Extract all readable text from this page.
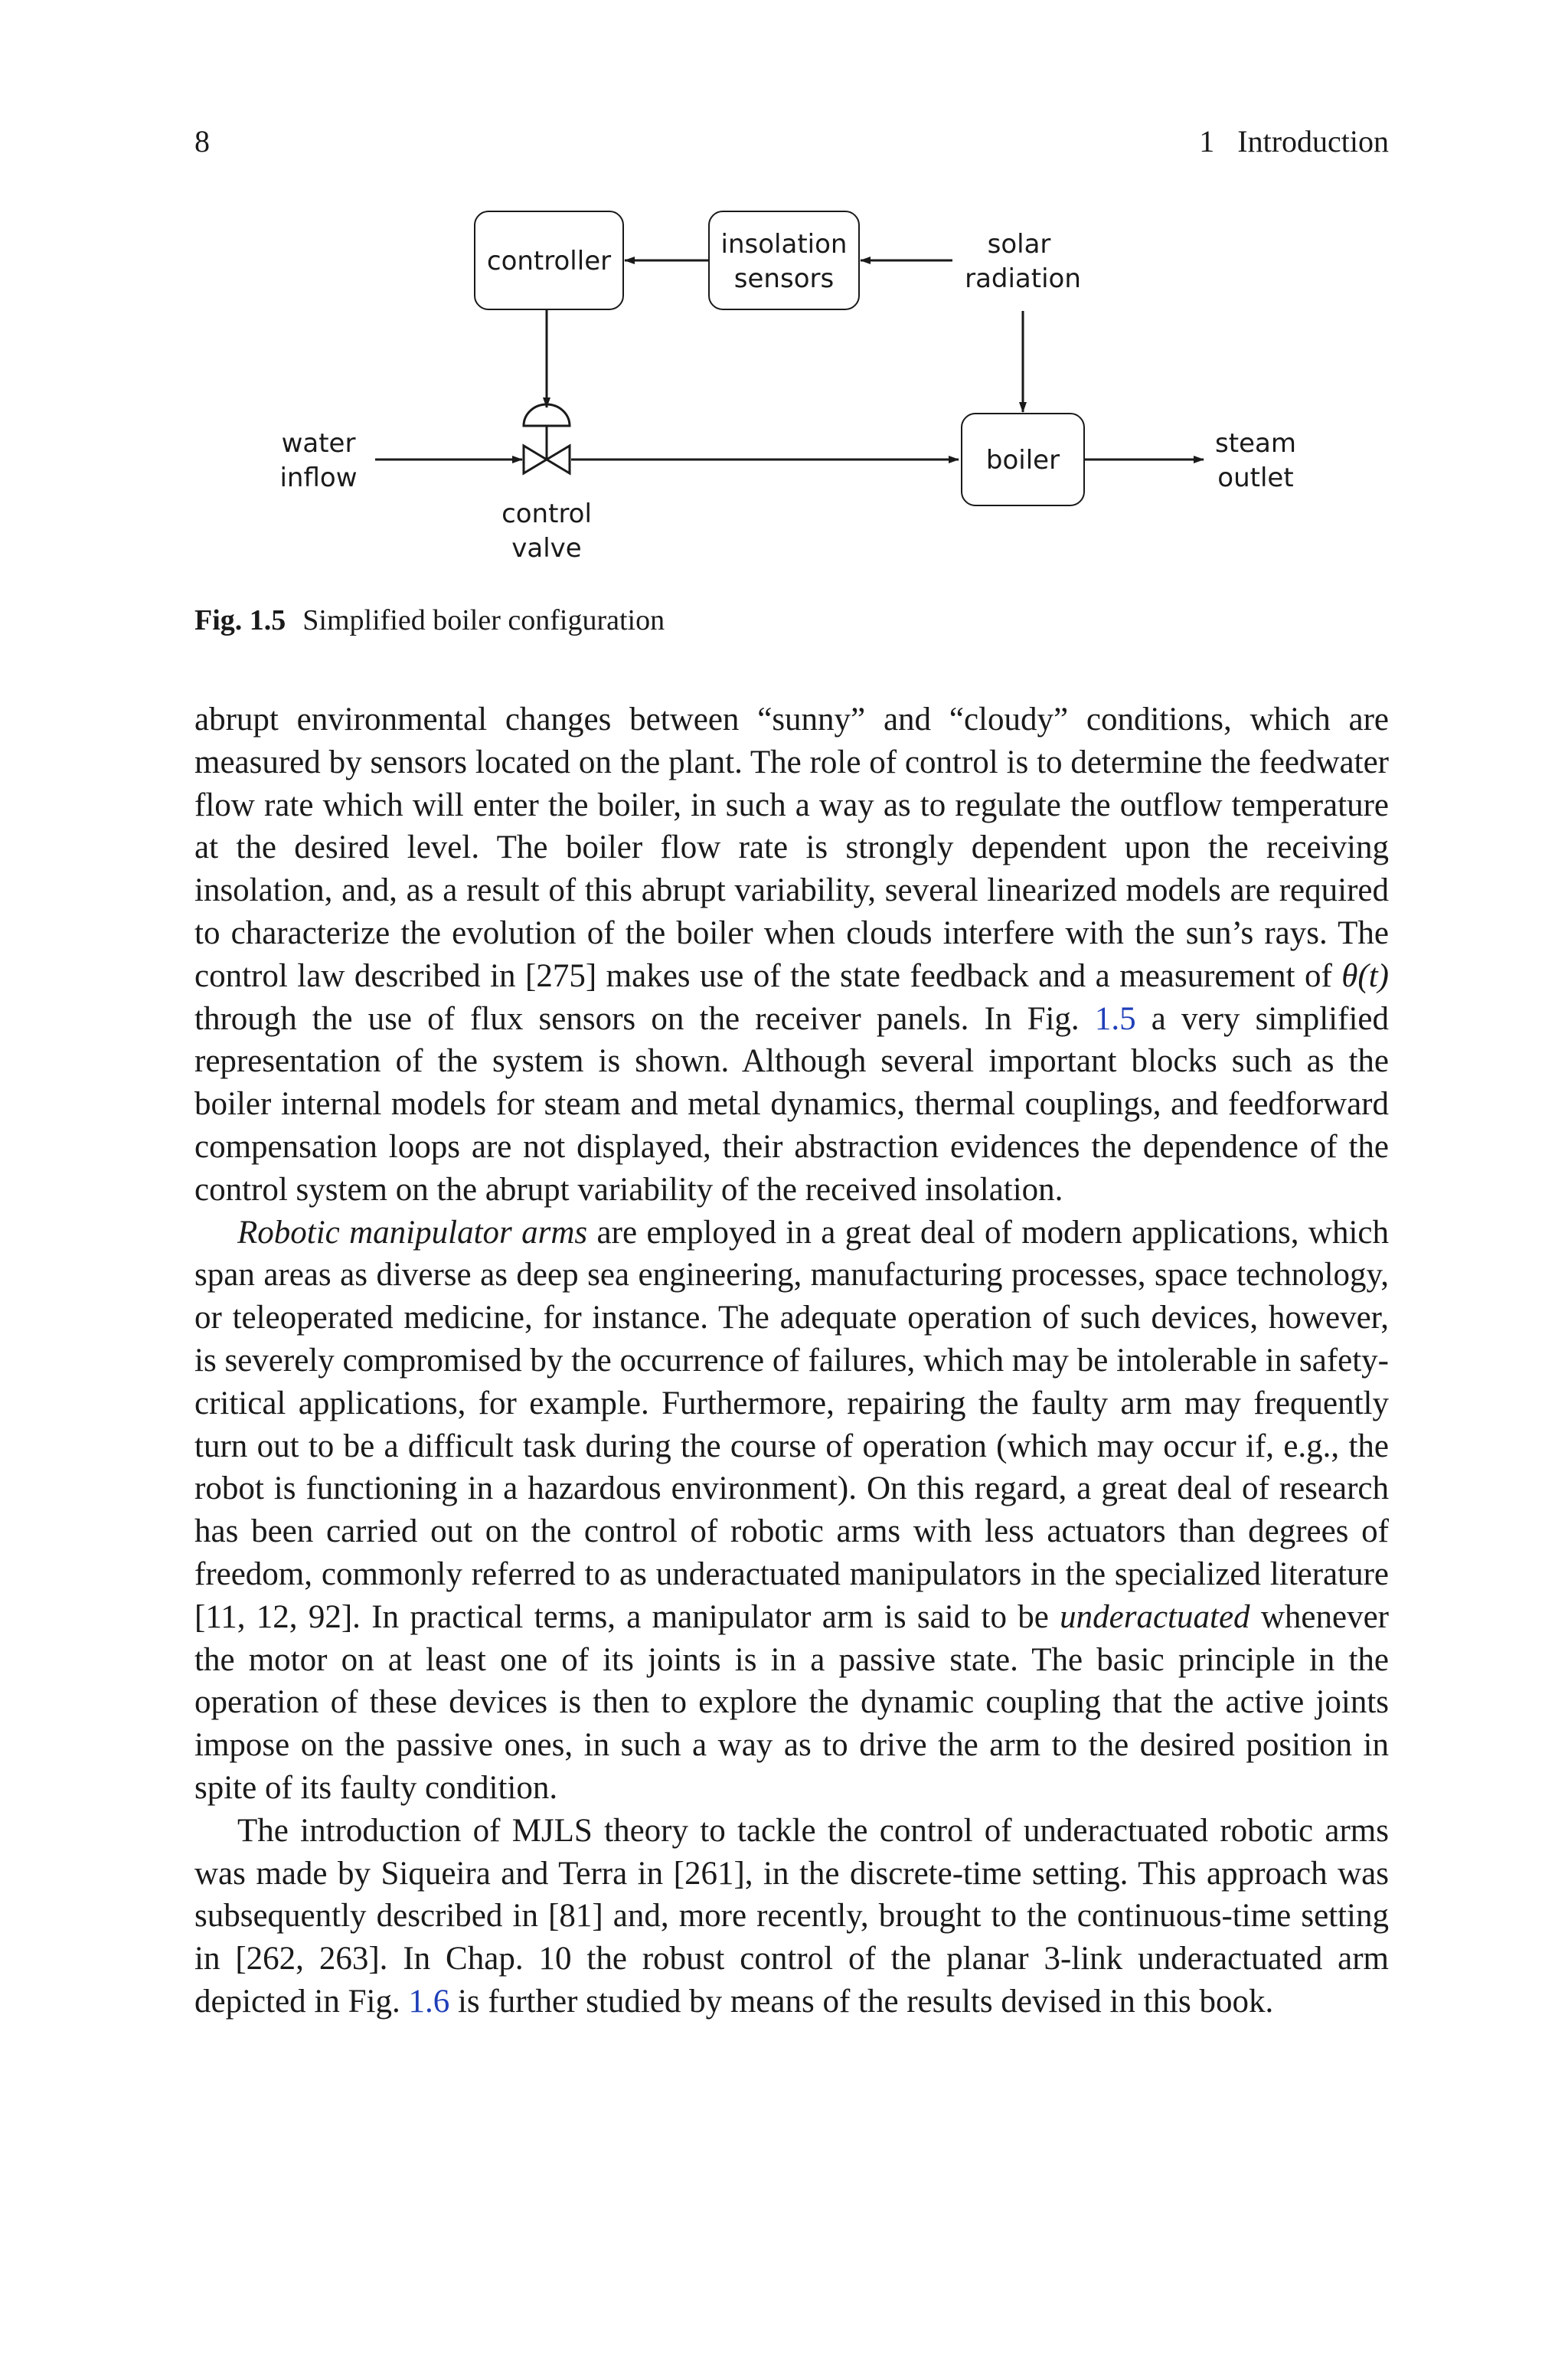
8	1 Introduction
controller
insolation
sensors
solar
radiation
water
inflow
control
valve
boiler
steam
outlet
Fig. 1.5 Simplified boiler configuration

abrupt environmental changes between “sunny” and “cloudy” conditions, which are measured by sensors located on the plant. The role of control is to determine the feedwater flow rate which will enter the boiler, in such a way as to regulate the outflow temperature at the desired level. The boiler flow rate is strongly dependent upon the receiving insolation, and, as a result of this abrupt variability, several linearized models are required to characterize the evolution of the boiler when clouds interfere with the sun’s rays. The control law described in [275] makes use of the state feedback and a measurement of θ(t) through the use of flux sensors on the receiver panels. In Fig. 1.5 a very simplified representation of the system is shown. Although several important blocks such as the boiler internal models for steam and metal dynamics, thermal couplings, and feedforward compensation loops are not displayed, their abstraction evidences the dependence of the control system on the abrupt variability of the received insolation.

Robotic manipulator arms are employed in a great deal of modern applications, which span areas as diverse as deep sea engineering, manufacturing processes, space technology, or teleoperated medicine, for instance. The adequate operation of such devices, however, is severely compromised by the occurrence of failures, which may be intolerable in safety-critical applications, for example. Furthermore, repairing the faulty arm may frequently turn out to be a difficult task during the course of operation (which may occur if, e.g., the robot is functioning in a hazardous environment). On this regard, a great deal of research has been carried out on the control of robotic arms with less actuators than degrees of freedom, commonly referred to as underactuated manipulators in the specialized literature [11, 12, 92]. In practical terms, a manipulator arm is said to be underactuated whenever the motor on at least one of its joints is in a passive state. The basic principle in the operation of these devices is then to explore the dynamic coupling that the active joints impose on the passive ones, in such a way as to drive the arm to the desired position in spite of its faulty condition.

The introduction of MJLS theory to tackle the control of underactuated robotic arms was made by Siqueira and Terra in [261], in the discrete-time setting. This approach was subsequently described in [81] and, more recently, brought to the continuous-time setting in [262, 263]. In Chap. 10 the robust control of the planar 3-link underactuated arm depicted in Fig. 1.6 is further studied by means of the results devised in this book.
